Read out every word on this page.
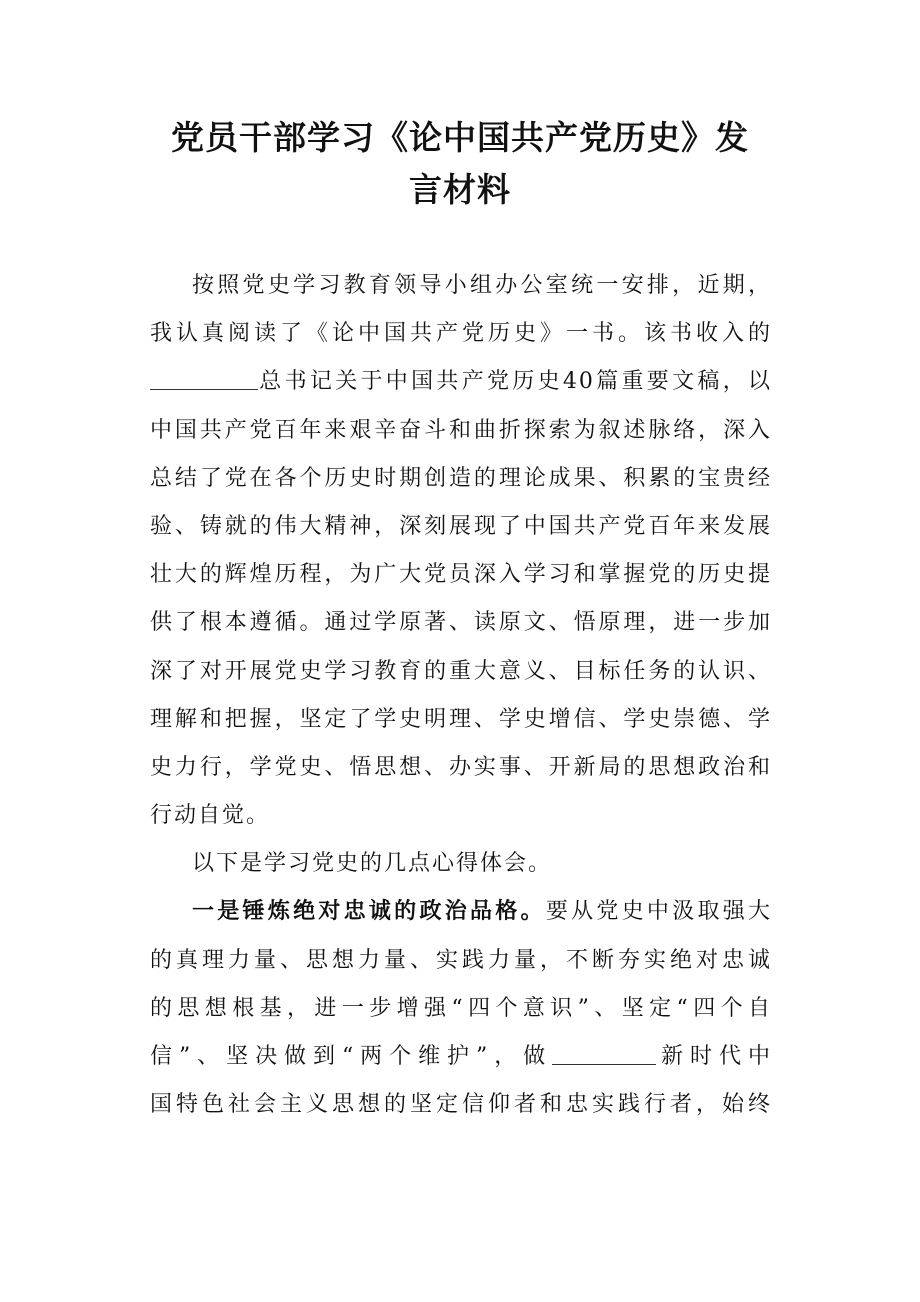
党员干部学习《论中国共产党历史》发
言材料
按照党史学习教育领导小组办公室统一安排，近期，
我认真阅读了《论中国共产党历史》一书。该书收入的
总书记关于中国共产党历史40篇重要文稿，以
中国共产党百年来艰辛奋斗和曲折探索为叙述脉络，深入
总结了党在各个历史时期创造的理论成果、积累的宝贵经
验、铸就的伟大精神，深刻展现了中国共产党百年来发展
壮大的辉煌历程，为广大党员深入学习和掌握党的历史提
供了根本遵循。通过学原著、读原文、悟原理，进一步加
深了对开展党史学习教育的重大意义、目标任务的认识、
理解和把握，坚定了学史明理、学史增信、学史崇德、学
史力行，学党史、悟思想、办实事、开新局的思想政治和
行动自觉。
以下是学习党史的几点心得体会。
一是锤炼绝对忠诚的政治品格。要从党史中汲取强大
的真理力量、思想力量、实践力量，不断夯实绝对忠诚
的思想根基，进一步增强“四个意识”、坚定“四个自
信”、坚决做到“两个维护”，做	新时代中
国特色社会主义思想的坚定信仰者和忠实践行者，始终
